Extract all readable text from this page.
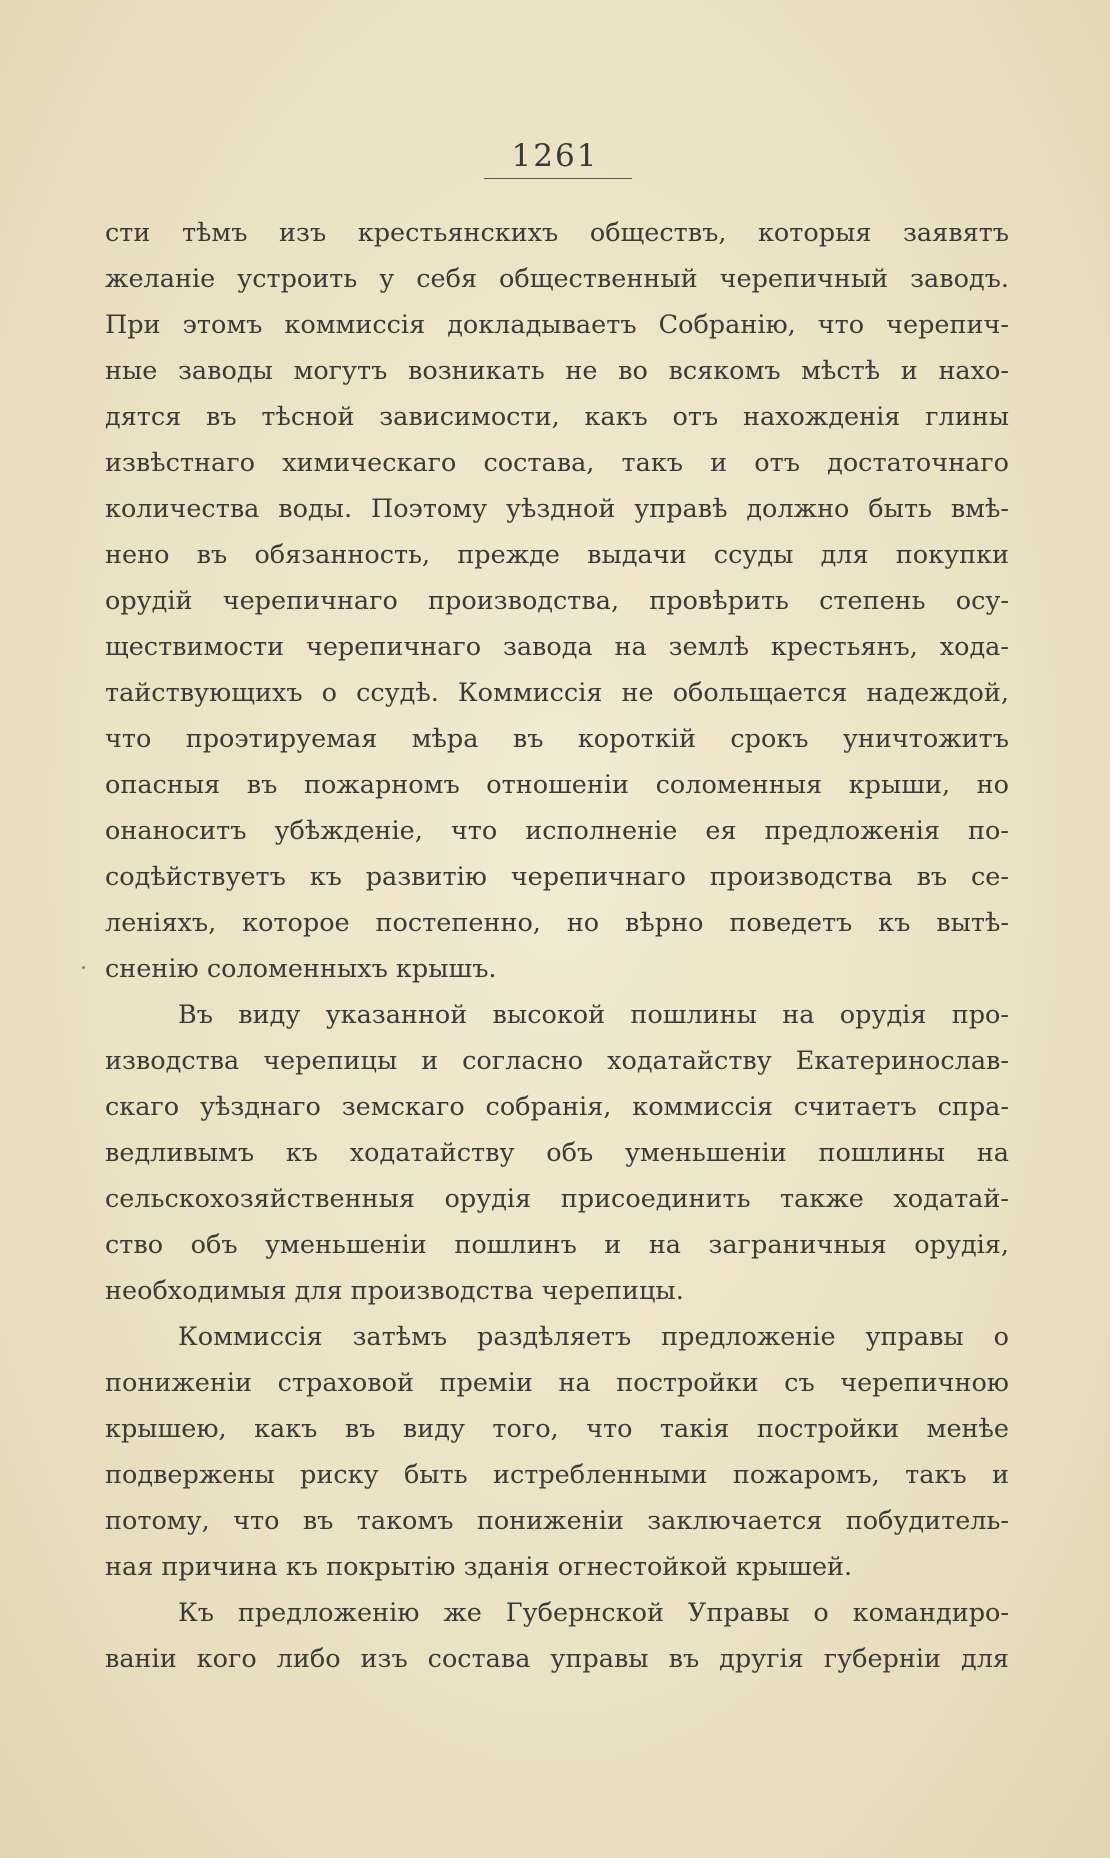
1261
сти тѣмъ изъ крестьянскихъ обществъ, которыя заявятъ
желаніе устроить у себя общественный черепичный заводъ.
При этомъ коммиссія докладываетъ Собранію, что черепич-
ные заводы могутъ возникать не во всякомъ мѣстѣ и нахо-
дятся въ тѣсной зависимости, какъ отъ нахожденія глины
извѣстнаго химическаго состава, такъ и отъ достаточнаго
количества воды. Поэтому уѣздной управѣ должно быть вмѣ-
нено въ обязанность, прежде выдачи ссуды для покупки
орудій черепичнаго производства, провѣрить степень осу-
ществимости черепичнаго завода на землѣ крестьянъ, хода-
тайствующихъ о ссудѣ. Коммиссія не обольщается надеждой,
что проэтируемая мѣра въ короткій срокъ уничтожитъ
опасныя въ пожарномъ отношеніи соломенныя крыши, но
онаноситъ убѣжденіе, что исполненіе ея предложенія по-
содѣйствуетъ къ развитію черепичнаго производства въ се-
леніяхъ, которое постепенно, но вѣрно поведетъ къ вытѣ-
сненію соломенныхъ крышъ.
Въ виду указанной высокой пошлины на орудія про-
изводства черепицы и согласно ходатайству Екатеринослав-
скаго уѣзднаго земскаго собранія, коммиссія считаетъ спра-
ведливымъ къ ходатайству объ уменьшеніи пошлины на
сельскохозяйственныя орудія присоединить также ходатай-
ство объ уменьшеніи пошлинъ и на заграничныя орудія,
необходимыя для производства черепицы.
Коммиссія затѣмъ раздѣляетъ предложеніе управы о
пониженіи страховой преміи на постройки съ черепичною
крышею, какъ въ виду того, что такія постройки менѣе
подвержены риску быть истребленными пожаромъ, такъ и
потому, что въ такомъ пониженіи заключается побудитель-
ная причина къ покрытію зданія огнестойкой крышей.
Къ предложенію же Губернской Управы о командиро-
ваніи кого либо изъ состава управы въ другія губерніи для
